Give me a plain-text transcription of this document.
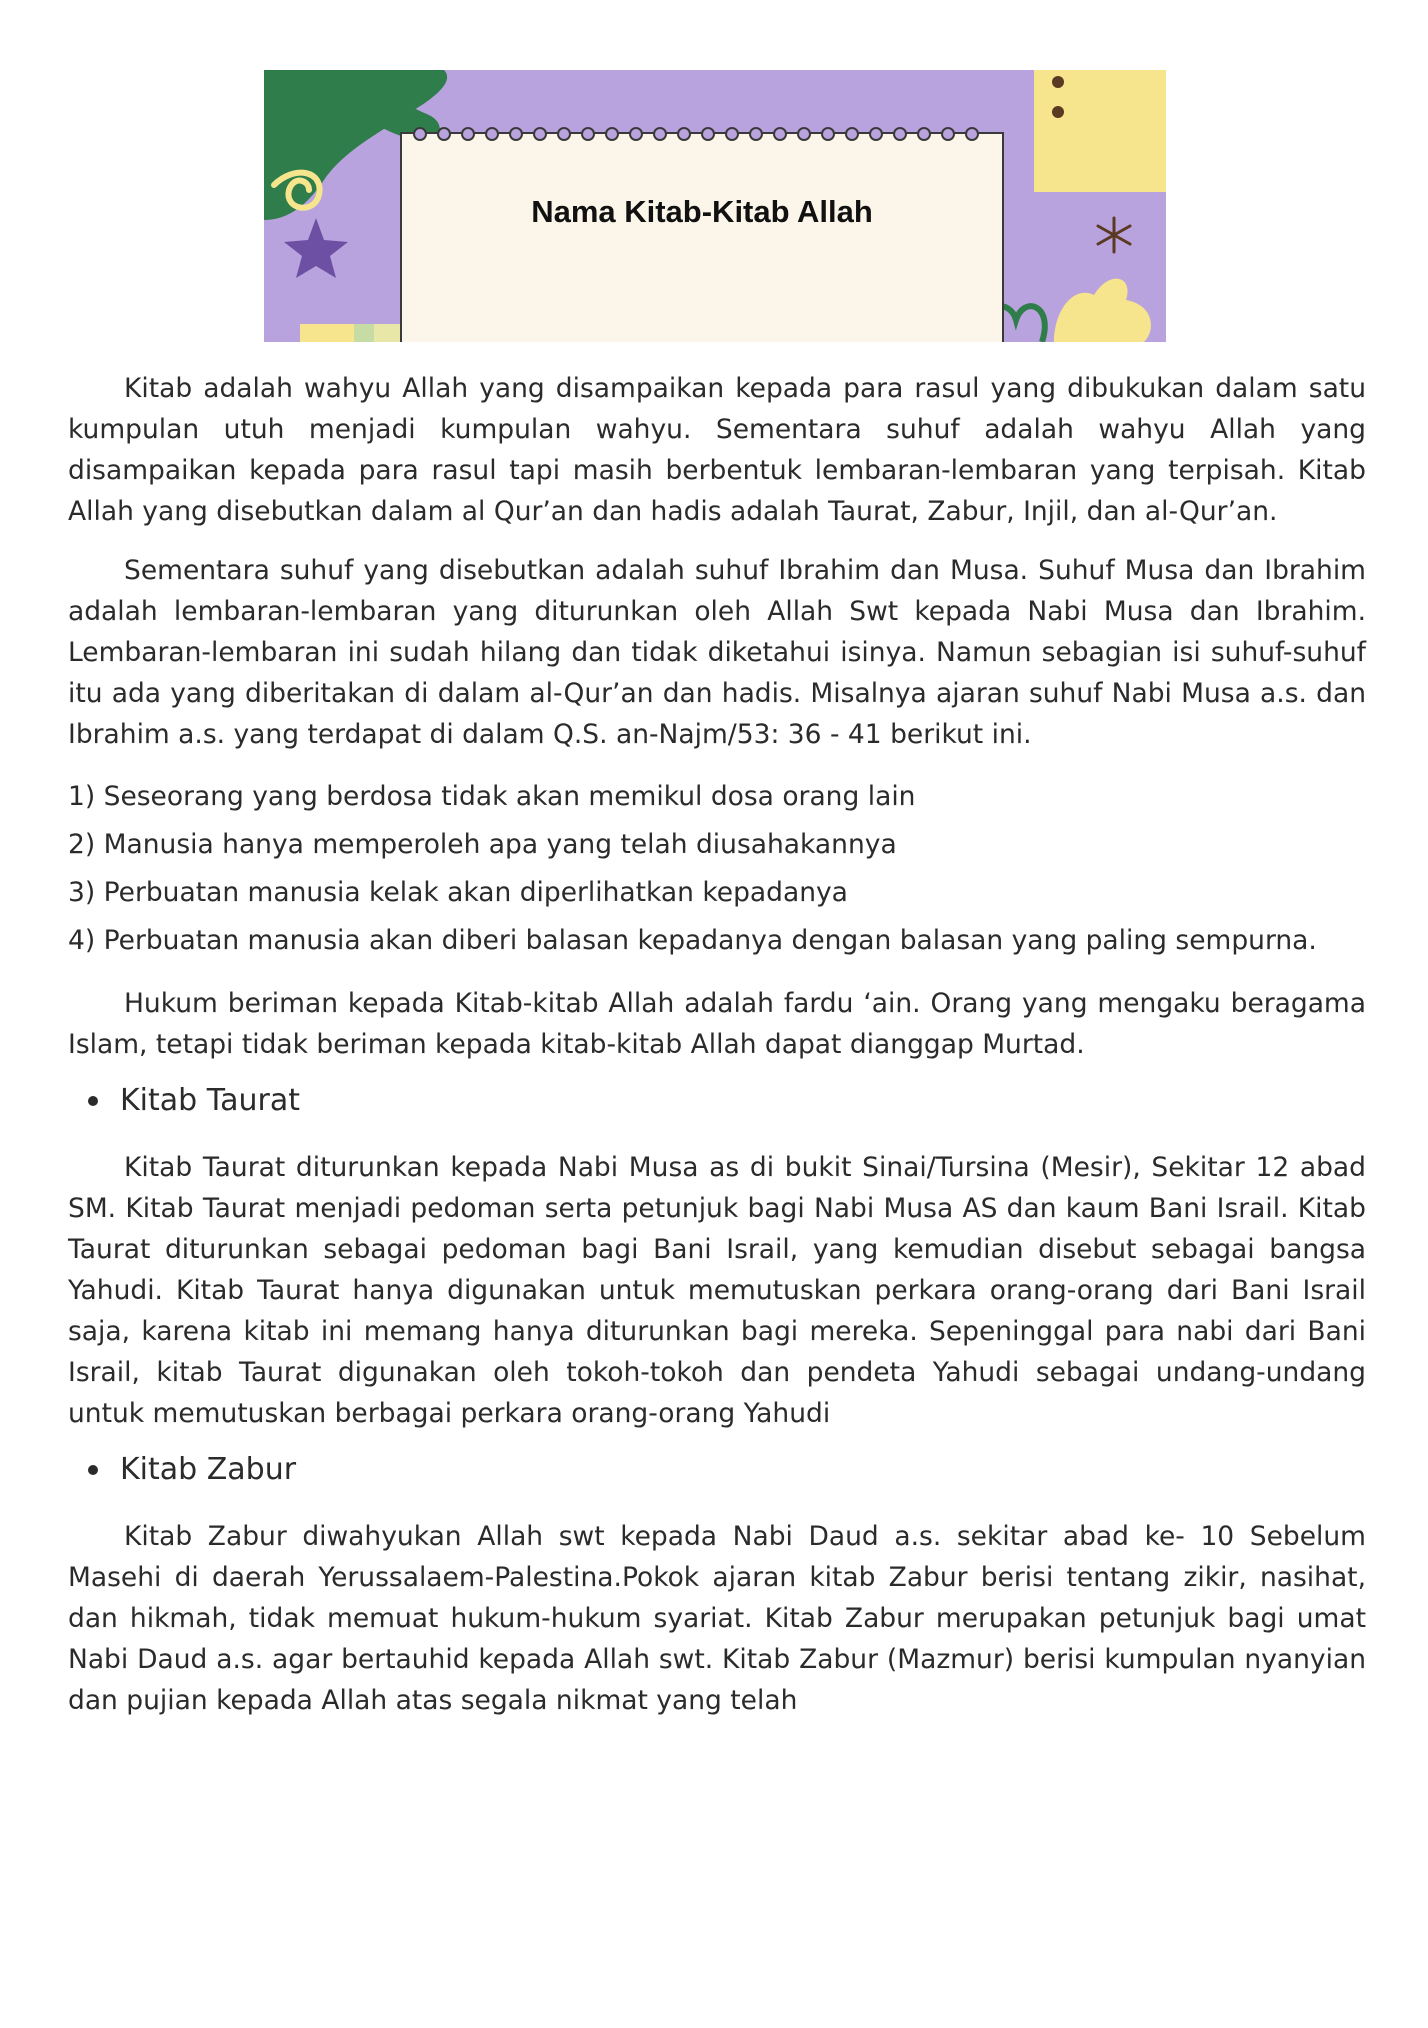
Nama Kitab-Kitab Allah

Kitab adalah wahyu Allah yang disampaikan kepada para rasul yang dibukukan dalam satu kumpulan utuh menjadi kumpulan wahyu. Sementara suhuf adalah wahyu Allah yang disampaikan kepada para rasul tapi masih berbentuk lembaran-lembaran yang terpisah. Kitab Allah yang disebutkan dalam al Qur’an dan hadis adalah Taurat, Zabur, Injil, dan al-Qur’an.

Sementara suhuf yang disebutkan adalah suhuf Ibrahim dan Musa. Suhuf Musa dan Ibrahim adalah lembaran-lembaran yang diturunkan oleh Allah Swt kepada Nabi Musa dan Ibrahim. Lembaran-lembaran ini sudah hilang dan tidak diketahui isinya. Namun sebagian isi suhuf-suhuf itu ada yang diberitakan di dalam al-Qur’an dan hadis. Misalnya ajaran suhuf Nabi Musa a.s. dan Ibrahim a.s. yang terdapat di dalam Q.S. an-Najm/53: 36 - 41 berikut ini.

1) Seseorang yang berdosa tidak akan memikul dosa orang lain

2) Manusia hanya memperoleh apa yang telah diusahakannya

3) Perbuatan manusia kelak akan diperlihatkan kepadanya

4) Perbuatan manusia akan diberi balasan kepadanya dengan balasan yang paling sempurna.

Hukum beriman kepada Kitab-kitab Allah adalah fardu ‘ain. Orang yang mengaku beragama Islam, tetapi tidak beriman kepada kitab-kitab Allah dapat dianggap Murtad.

Kitab Taurat

Kitab Taurat diturunkan kepada Nabi Musa as di bukit Sinai/Tursina (Mesir), Sekitar 12 abad SM. Kitab Taurat menjadi pedoman serta petunjuk bagi Nabi Musa AS dan kaum Bani Israil. Kitab Taurat diturunkan sebagai pedoman bagi Bani Israil, yang kemudian disebut sebagai bangsa Yahudi. Kitab Taurat hanya digunakan untuk memutuskan perkara orang-orang dari Bani Israil saja, karena kitab ini memang hanya diturunkan bagi mereka. Sepeninggal para nabi dari Bani Israil, kitab Taurat digunakan oleh tokoh-tokoh dan pendeta Yahudi sebagai undang-undang untuk memutuskan berbagai perkara orang-orang Yahudi

Kitab Zabur

Kitab Zabur diwahyukan Allah swt kepada Nabi Daud a.s. sekitar abad ke- 10 Sebelum Masehi di daerah Yerussalaem-Palestina.Pokok ajaran kitab Zabur berisi tentang zikir, nasihat, dan hikmah, tidak memuat hukum-hukum syariat. Kitab Zabur merupakan petunjuk bagi umat Nabi Daud a.s. agar bertauhid kepada Allah swt. Kitab Zabur (Mazmur) berisi kumpulan nyanyian dan pujian kepada Allah atas segala nikmat yang telah
